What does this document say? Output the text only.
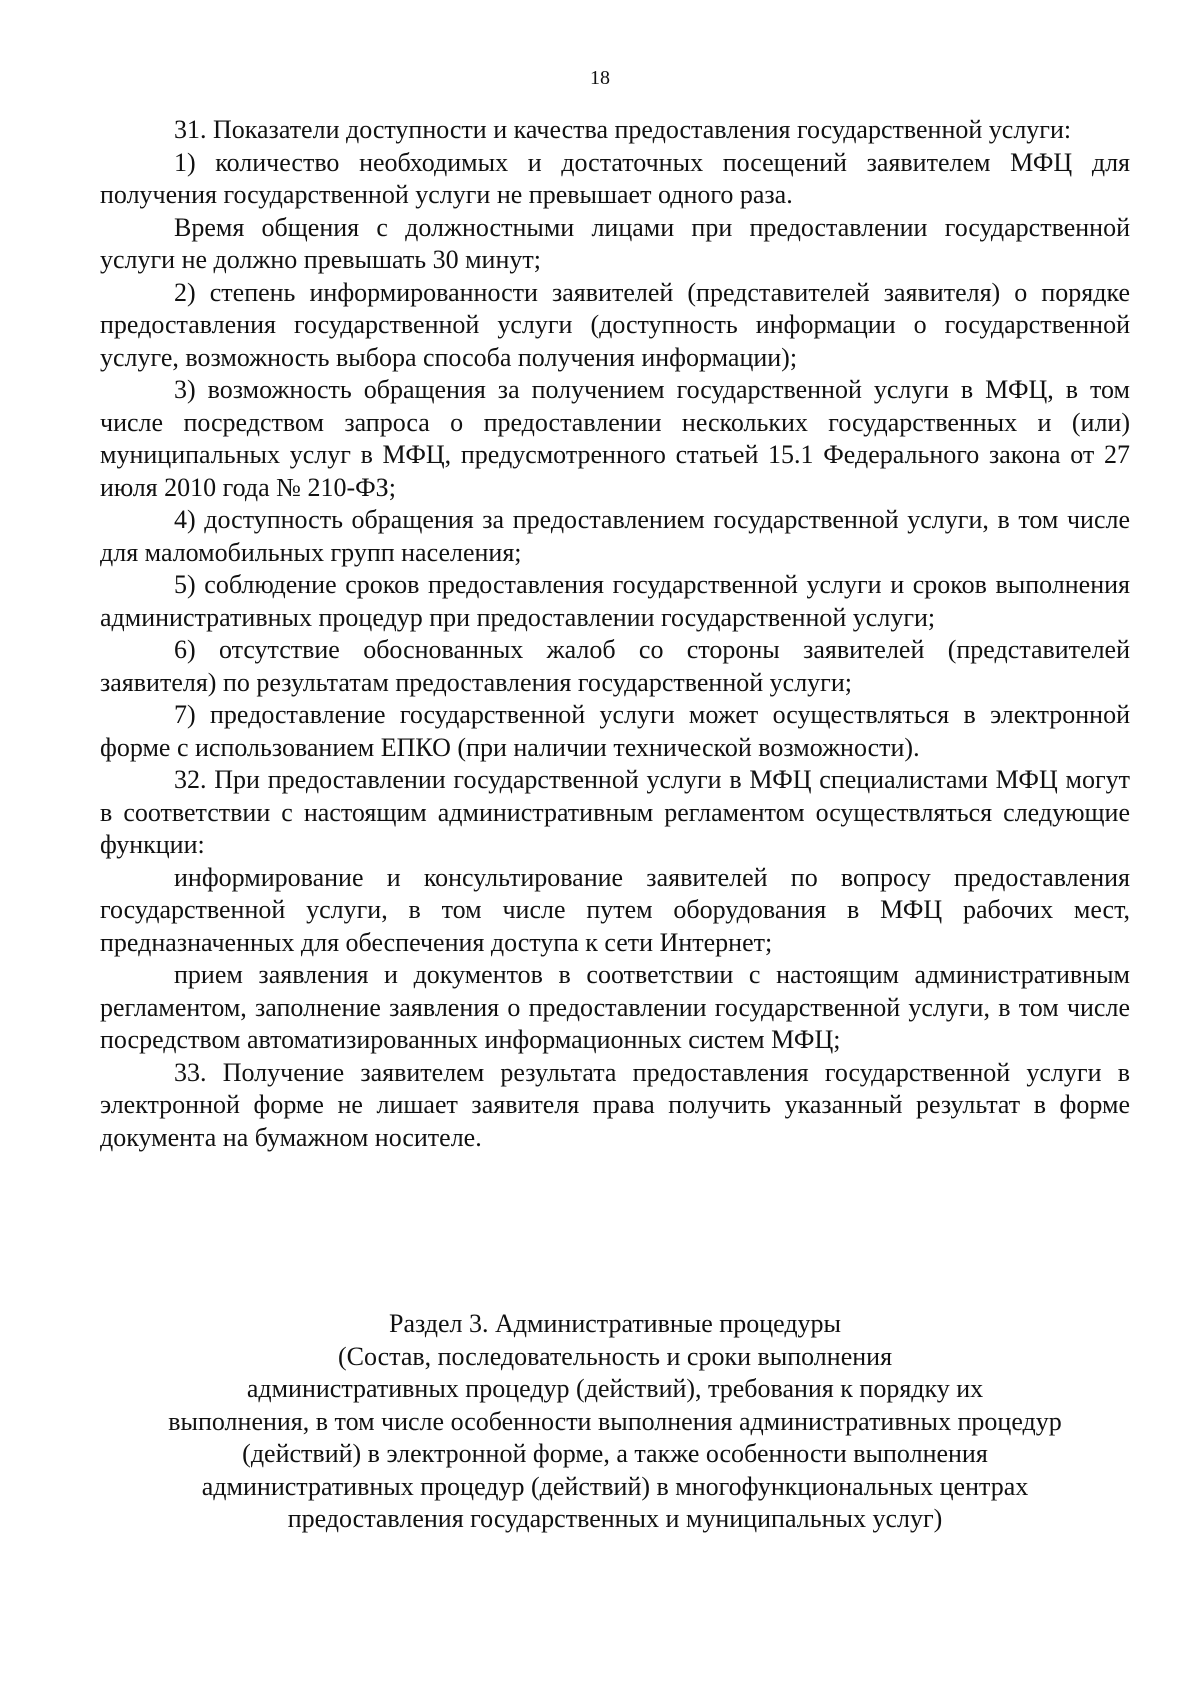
18

31. Показатели доступности и качества предоставления государственной услуги:

1) количество необходимых и достаточных посещений заявителем МФЦ для получения государственной услуги не превышает одного раза.

Время общения с должностными лицами при предоставлении государственной услуги не должно превышать 30 минут;

2) степень информированности заявителей (представителей заявителя) о порядке предоставления государственной услуги (доступность информации о государственной услуге, возможность выбора способа получения информации);

3) возможность обращения за получением государственной услуги в МФЦ, в том числе посредством запроса о предоставлении нескольких государственных и (или) муниципальных услуг в МФЦ, предусмотренного статьей 15.1 Федерального закона от 27 июля 2010 года № 210-ФЗ;

4) доступность обращения за предоставлением государственной услуги, в том числе для маломобильных групп населения;

5) соблюдение сроков предоставления государственной услуги и сроков выполнения административных процедур при предоставлении государственной услуги;

6) отсутствие обоснованных жалоб со стороны заявителей (представителей заявителя) по результатам предоставления государственной услуги;

7) предоставление государственной услуги может осуществляться в электронной форме с использованием ЕПКО (при наличии технической возможности).

32. При предоставлении государственной услуги в МФЦ специалистами МФЦ могут в соответствии с настоящим административным регламентом осуществляться следующие функции:

информирование и консультирование заявителей по вопросу предоставления государственной услуги, в том числе путем оборудования в МФЦ рабочих мест, предназначенных для обеспечения доступа к сети Интернет;

прием заявления и документов в соответствии с настоящим административным регламентом, заполнение заявления о предоставлении государственной услуги, в том числе посредством автоматизированных информационных систем МФЦ;

33. Получение заявителем результата предоставления государственной услуги в электронной форме не лишает заявителя права получить указанный результат в форме документа на бумажном носителе.

Раздел 3. Административные процедуры
(Состав, последовательность и сроки выполнения
административных процедур (действий), требования к порядку их
выполнения, в том числе особенности выполнения административных процедур
(действий) в электронной форме, а также особенности выполнения
административных процедур (действий) в многофункциональных центрах
предоставления государственных и муниципальных услуг)
